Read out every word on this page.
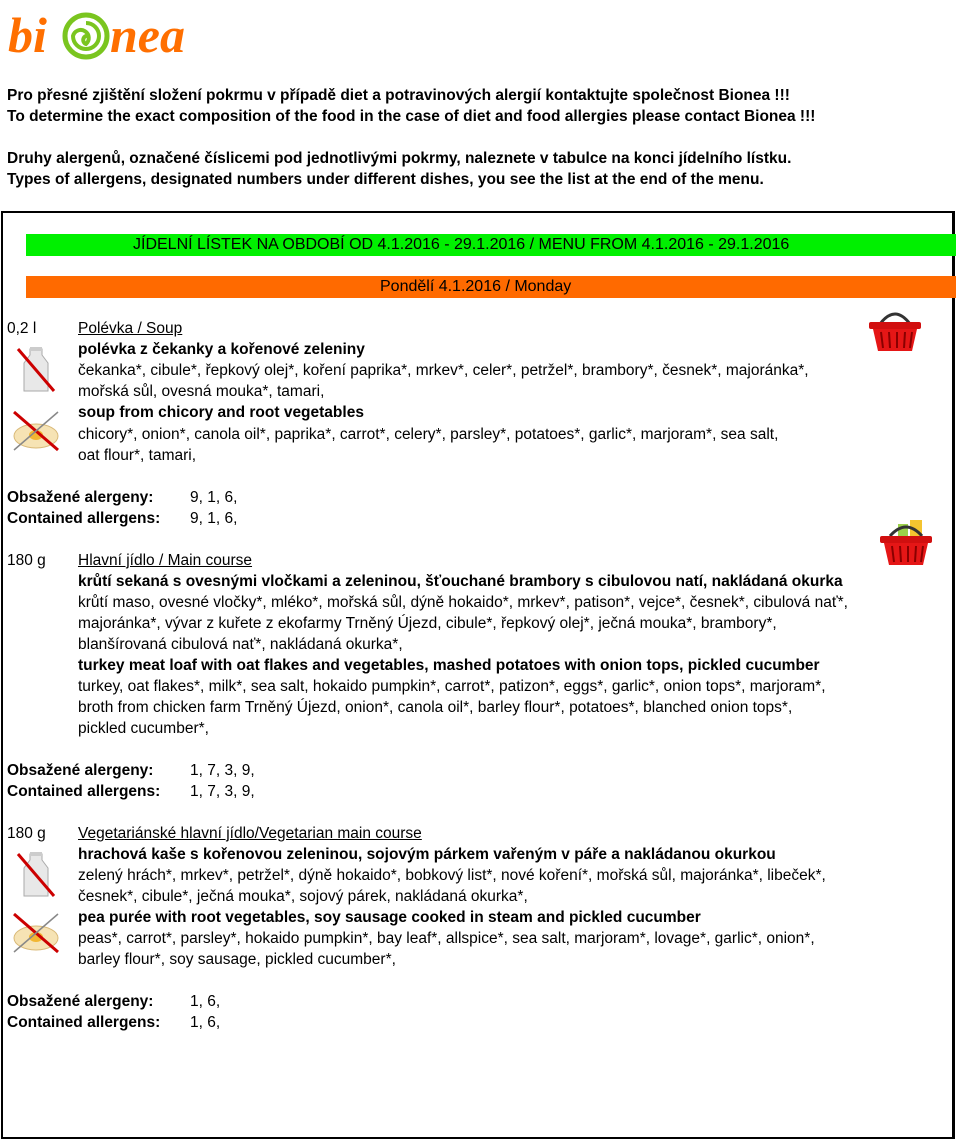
bi nea
Pro přesné zjištění složení pokrmu v případě diet a potravinových alergií kontaktujte společnost Bionea !!!
To determine the exact composition of the food in the case of diet and food allergies please contact Bionea !!!
Druhy alergenů, označené číslicemi pod jednotlivými pokrmy, naleznete v tabulce na konci jídelního lístku.
Types of allergens, designated numbers under different dishes, you see the list at the end of the menu.
JÍDELNÍ LÍSTEK NA OBDOBÍ OD 4.1.2016 - 29.1.2016 / MENU FROM 4.1.2016 - 29.1.2016
Pondělí 4.1.2016 / Monday
0,2 l	Polévka / Soup
polévka z čekanky a kořenové zeleniny
čekanka*, cibule*, řepkový olej*, koření paprika*, mrkev*, celer*, petržel*, brambory*, česnek*, majoránka*,
mořská sůl, ovesná mouka*, tamari,
soup from chicory and root vegetables
chicory*, onion*, canola oil*, paprika*, carrot*, celery*, parsley*, potatoes*, garlic*, marjoram*, sea salt,
oat flour*, tamari,
Obsažené alergeny: 9, 1, 6,
Contained allergens: 9, 1, 6,
180 g Hlavní jídlo / Main course
krůtí sekaná s ovesnými vločkami a zeleninou, šťouchané brambory s cibulovou natí, nakládaná okurka
krůtí maso, ovesné vločky*, mléko*, mořská sůl, dýně hokaido*, mrkev*, patison*, vejce*, česnek*, cibulová nať*,
majoránka*, vývar z kuřete z ekofarmy Trněný Újezd, cibule*, řepkový olej*, ječná mouka*, brambory*,
blanšírovaná cibulová nať*, nakládaná okurka*,
turkey meat loaf with oat flakes and vegetables, mashed potatoes with onion tops, pickled cucumber
turkey, oat flakes*, milk*, sea salt, hokaido pumpkin*, carrot*, patizon*, eggs*, garlic*, onion tops*, marjoram*,
broth from chicken farm Trněný Újezd, onion*, canola oil*, barley flour*, potatoes*, blanched onion tops*,
pickled cucumber*,
Obsažené alergeny: 1, 7, 3, 9,
Contained allergens: 1, 7, 3, 9,
180 g Vegetariánské hlavní jídlo/Vegetarian main course
hrachová kaše s kořenovou zeleninou, sojovým párkem vařeným v páře a nakládanou okurkou
zelený hrách*, mrkev*, petržel*, dýně hokaido*, bobkový list*, nové koření*, mořská sůl, majoránka*, libeček*,
česnek*, cibule*, ječná mouka*, sojový párek, nakládaná okurka*,
pea purée with root vegetables, soy sausage cooked in steam and pickled cucumber
peas*, carrot*, parsley*, hokaido pumpkin*, bay leaf*, allspice*, sea salt, marjoram*, lovage*, garlic*, onion*,
barley flour*, soy sausage, pickled cucumber*,
Obsažené alergeny: 1, 6,
Contained allergens: 1, 6,
